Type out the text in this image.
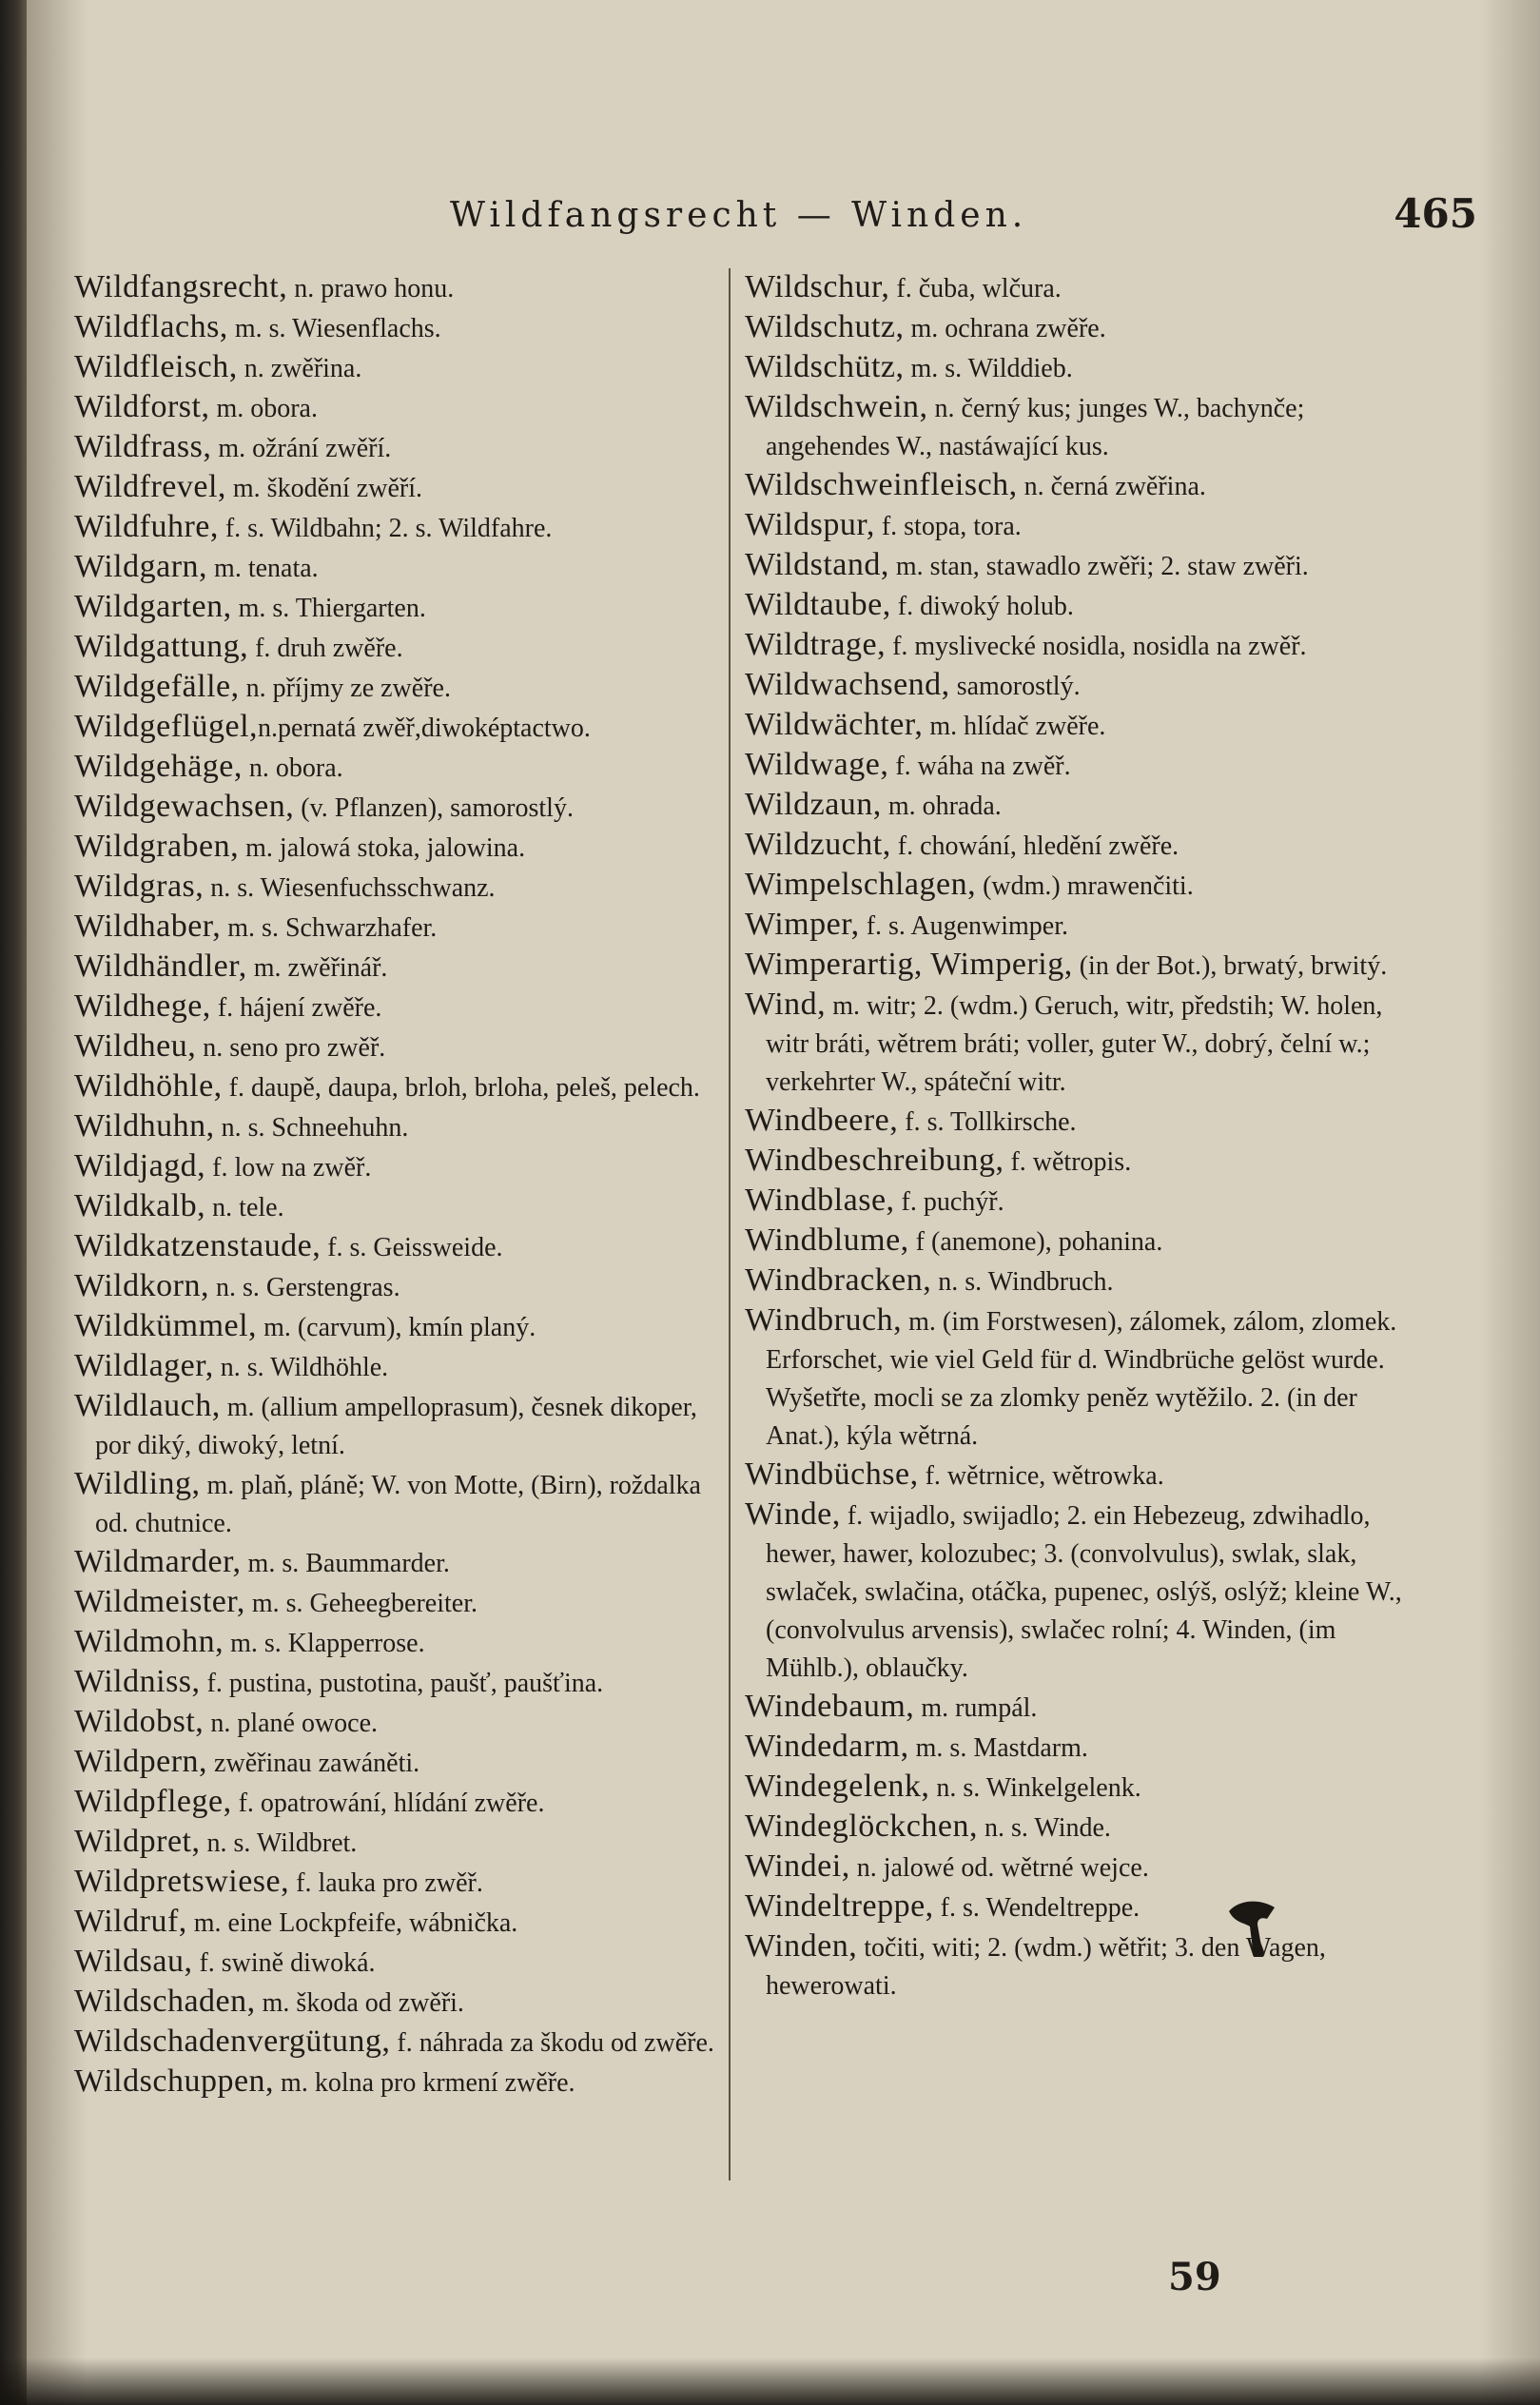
Wildfangsrecht — Winden.	465

Wildfangsrecht, n. prawo honu.

Wildflachs, m. s. Wiesenflachs.

Wildfleisch, n. zwěřina.

Wildforst, m. obora.

Wildfrass, m. ožrání zwěří.

Wildfrevel, m. škodění zwěří.

Wildfuhre, f. s. Wildbahn; 2. s. Wildfahre.

Wildgarn, m. tenata.

Wildgarten, m. s. Thiergarten.

Wildgattung, f. druh zwěře.

Wildgefälle, n. příjmy ze zwěře.

Wildgeflügel,n.pernatá zwěř,diwoképtactwo.

Wildgehäge, n. obora.

Wildgewachsen, (v. Pflanzen), samorostlý.

Wildgraben, m. jalowá stoka, jalowina.

Wildgras, n. s. Wiesenfuchsschwanz.

Wildhaber, m. s. Schwarzhafer.

Wildhändler, m. zwěřinář.

Wildhege, f. hájení zwěře.

Wildheu, n. seno pro zwěř.

Wildhöhle, f. daupě, daupa, brloh, brloha, peleš, pelech.

Wildhuhn, n. s. Schneehuhn.

Wildjagd, f. low na zwěř.

Wildkalb, n. tele.

Wildkatzenstaude, f. s. Geissweide.

Wildkorn, n. s. Gerstengras.

Wildkümmel, m. (carvum), kmín planý.

Wildlager, n. s. Wildhöhle.

Wildlauch, m. (allium ampelloprasum), česnek dikoper, por diký, diwoký, letní.

Wildling, m. plaň, pláně; W. von Motte, (Birn), roždalka od. chutnice.

Wildmarder, m. s. Baummarder.

Wildmeister, m. s. Geheegbereiter.

Wildmohn, m. s. Klapperrose.

Wildniss, f. pustina, pustotina, paušť, paušťina.

Wildobst, n. plané owoce.

Wildpern, zwěřinau zawáněti.

Wildpflege, f. opatrowání, hlídání zwěře.

Wildpret, n. s. Wildbret.

Wildpretswiese, f. lauka pro zwěř.

Wildruf, m. eine Lockpfeife, wábnička.

Wildsau, f. swině diwoká.

Wildschaden, m. škoda od zwěři.

Wildschadenvergütung, f. náhrada za škodu od zwěře.

Wildschuppen, m. kolna pro krmení zwěře.

Wildschur, f. čuba, wlčura.

Wildschutz, m. ochrana zwěře.

Wildschütz, m. s. Wilddieb.

Wildschwein, n. černý kus; junges W., bachynče; angehendes W., nastáwající kus.

Wildschweinfleisch, n. černá zwěřina.

Wildspur, f. stopa, tora.

Wildstand, m. stan, stawadlo zwěři; 2. staw zwěři.

Wildtaube, f. diwoký holub.

Wildtrage, f. myslivecké nosidla, nosidla na zwěř.

Wildwachsend, samorostlý.

Wildwächter, m. hlídač zwěře.

Wildwage, f. wáha na zwěř.

Wildzaun, m. ohrada.

Wildzucht, f. chowání, hledění zwěře.

Wimpelschlagen, (wdm.) mrawenčiti.

Wimper, f. s. Augenwimper.

Wimperartig, Wimperig, (in der Bot.), brwatý, brwitý.

Wind, m. witr; 2. (wdm.) Geruch, witr, předstih; W. holen, witr bráti, wětrem bráti; voller, guter W., dobrý, čelní w.; verkehrter W., spáteční witr.

Windbeere, f. s. Tollkirsche.

Windbeschreibung, f. wětropis.

Windblase, f. puchýř.

Windblume, f (anemone), pohanina.

Windbracken, n. s. Windbruch.

Windbruch, m. (im Forstwesen), zálomek, zálom, zlomek. Erforschet, wie viel Geld für d. Windbrüche gelöst wurde. Wyšetřte, mocli se za zlomky peněz wytěžilo. 2. (in der Anat.), kýla wětrná.

Windbüchse, f. wětrnice, wětrowka.

Winde, f. wijadlo, swijadlo; 2. ein Hebezeug, zdwihadlo, hewer, hawer, kolozubec; 3. (convolvulus), swlak, slak, swlaček, swlačina, otáčka, pupenec, oslýš, oslýž; kleine W., (convolvulus arvensis), swlačec rolní; 4. Winden, (im Mühlb.), oblaučky.

Windebaum, m. rumpál.

Windedarm, m. s. Mastdarm.

Windegelenk, n. s. Winkelgelenk.

Windeglöckchen, n. s. Winde.

Windei, n. jalowé od. wětrné wejce.

Windeltreppe, f. s. Wendeltreppe.

Winden, točiti, witi; 2. (wdm.) wětřit; 3. den Wagen, hewerowati.

59
